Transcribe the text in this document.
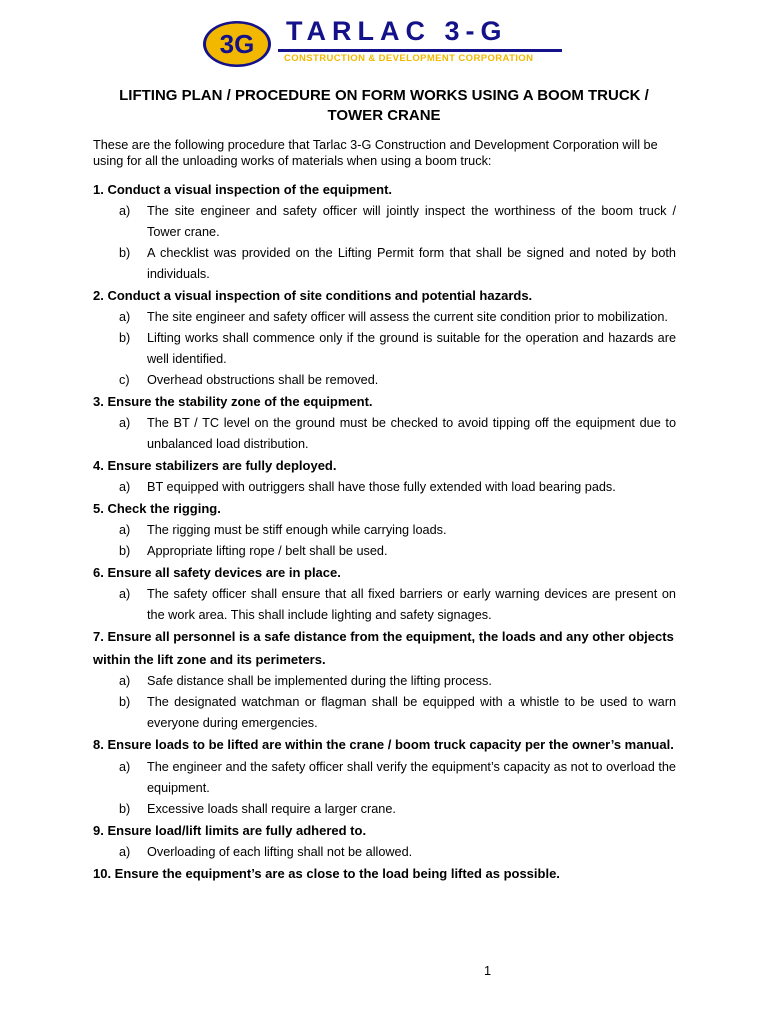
3G TARLAC 3-G
CONSTRUCTION & DEVELOPMENT CORPORATION
LIFTING PLAN / PROCEDURE ON FORM WORKS USING A BOOM TRUCK /
TOWER CRANE

These are the following procedure that Tarlac 3-G Construction and Development Corporation will be using for all the unloading works of materials when using a boom truck:

1. Conduct a visual inspection of the equipment.

a)	The site engineer and safety officer will jointly inspect the worthiness of the boom truck / Tower crane.
b)	A checklist was provided on the Lifting Permit form that shall be signed and noted by both individuals.

2. Conduct a visual inspection of site conditions and potential hazards.

a)	The site engineer and safety officer will assess the current site condition prior to mobilization.
b)	Lifting works shall commence only if the ground is suitable for the operation and hazards are well identified.
c)	Overhead obstructions shall be removed.

3. Ensure the stability zone of the equipment.

a)	The BT / TC level on the ground must be checked to avoid tipping off the equipment due to unbalanced load distribution.

4. Ensure stabilizers are fully deployed.

a)	BT equipped with outriggers shall have those fully extended with load bearing pads.

5. Check the rigging.

a)	The rigging must be stiff enough while carrying loads.
b)	Appropriate lifting rope / belt shall be used.

6. Ensure all safety devices are in place.

a)	The safety officer shall ensure that all fixed barriers or early warning devices are present on the work area. This shall include lighting and safety signages.

7. Ensure all personnel is a safe distance from the equipment, the loads and any other objects within the lift zone and its perimeters.

a)	Safe distance shall be implemented during the lifting process.
b)	The designated watchman or flagman shall be equipped with a whistle to be used to warn everyone during emergencies.

8. Ensure loads to be lifted are within the crane / boom truck capacity per the owner’s manual.

a)	The engineer and the safety officer shall verify the equipment’s capacity as not to overload the equipment.
b)	Excessive loads shall require a larger crane.

9. Ensure load/lift limits are fully adhered to.

a)	Overloading of each lifting shall not be allowed.

10. Ensure the equipment’s are as close to the load being lifted as possible.

1
